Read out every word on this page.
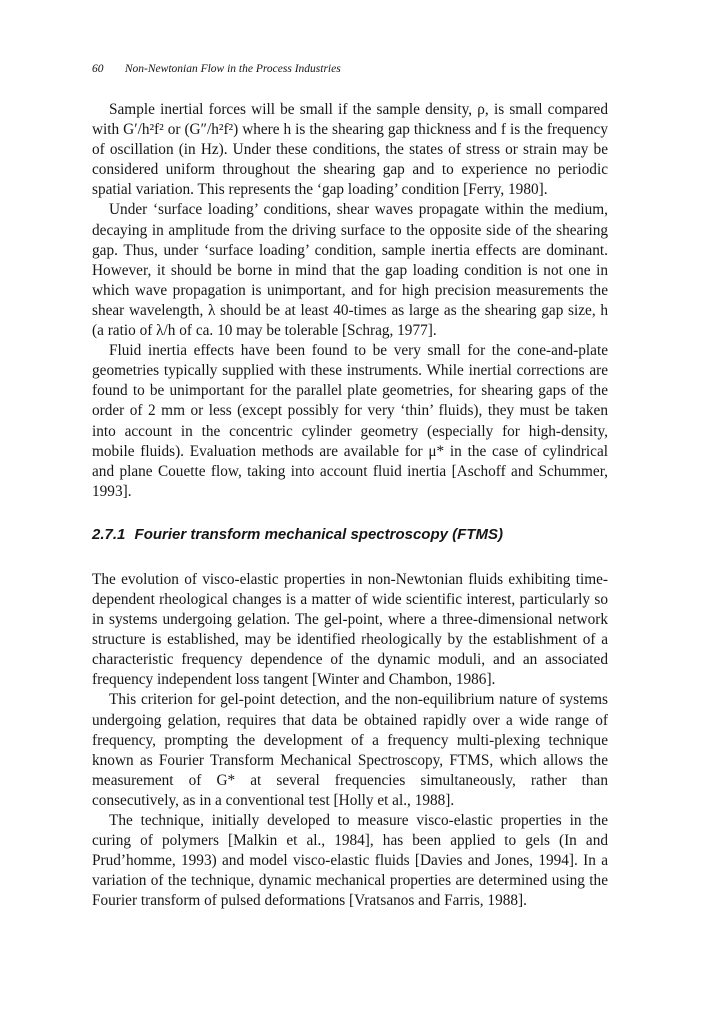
60 Non-Newtonian Flow in the Process Industries

Sample inertial forces will be small if the sample density, ρ, is small compared with G′/h²f² or (G″/h²f²) where h is the shearing gap thickness and f is the frequency of oscillation (in Hz). Under these conditions, the states of stress or strain may be considered uniform throughout the shearing gap and to experience no periodic spatial variation. This represents the ‘gap loading’ condition [Ferry, 1980].

Under ‘surface loading’ conditions, shear waves propagate within the medium, decaying in amplitude from the driving surface to the opposite side of the shearing gap. Thus, under ‘surface loading’ condition, sample inertia effects are dominant. However, it should be borne in mind that the gap loading condition is not one in which wave propagation is unimportant, and for high precision measurements the shear wavelength, λ should be at least 40-times as large as the shearing gap size, h (a ratio of λ/h of ca. 10 may be tolerable [Schrag, 1977].

Fluid inertia effects have been found to be very small for the cone-and-plate geometries typically supplied with these instruments. While inertial corrections are found to be unimportant for the parallel plate geometries, for shearing gaps of the order of 2 mm or less (except possibly for very ‘thin’ fluids), they must be taken into account in the concentric cylinder geometry (especially for high-density, mobile fluids). Evaluation methods are available for μ* in the case of cylindrical and plane Couette flow, taking into account fluid inertia [Aschoff and Schummer, 1993].

2.7.1 Fourier transform mechanical spectroscopy (FTMS)

The evolution of visco-elastic properties in non-Newtonian fluids exhibiting time-dependent rheological changes is a matter of wide scientific interest, particularly so in systems undergoing gelation. The gel-point, where a three-dimensional network structure is established, may be identified rheologically by the establishment of a characteristic frequency dependence of the dynamic moduli, and an associated frequency independent loss tangent [Winter and Chambon, 1986].

This criterion for gel-point detection, and the non-equilibrium nature of systems undergoing gelation, requires that data be obtained rapidly over a wide range of frequency, prompting the development of a frequency multi-plexing technique known as Fourier Transform Mechanical Spectroscopy, FTMS, which allows the measurement of G* at several frequencies simultaneously, rather than consecutively, as in a conventional test [Holly et al., 1988].

The technique, initially developed to measure visco-elastic properties in the curing of polymers [Malkin et al., 1984], has been applied to gels (In and Prud’homme, 1993) and model visco-elastic fluids [Davies and Jones, 1994]. In a variation of the technique, dynamic mechanical properties are determined using the Fourier transform of pulsed deformations [Vratsanos and Farris, 1988].
